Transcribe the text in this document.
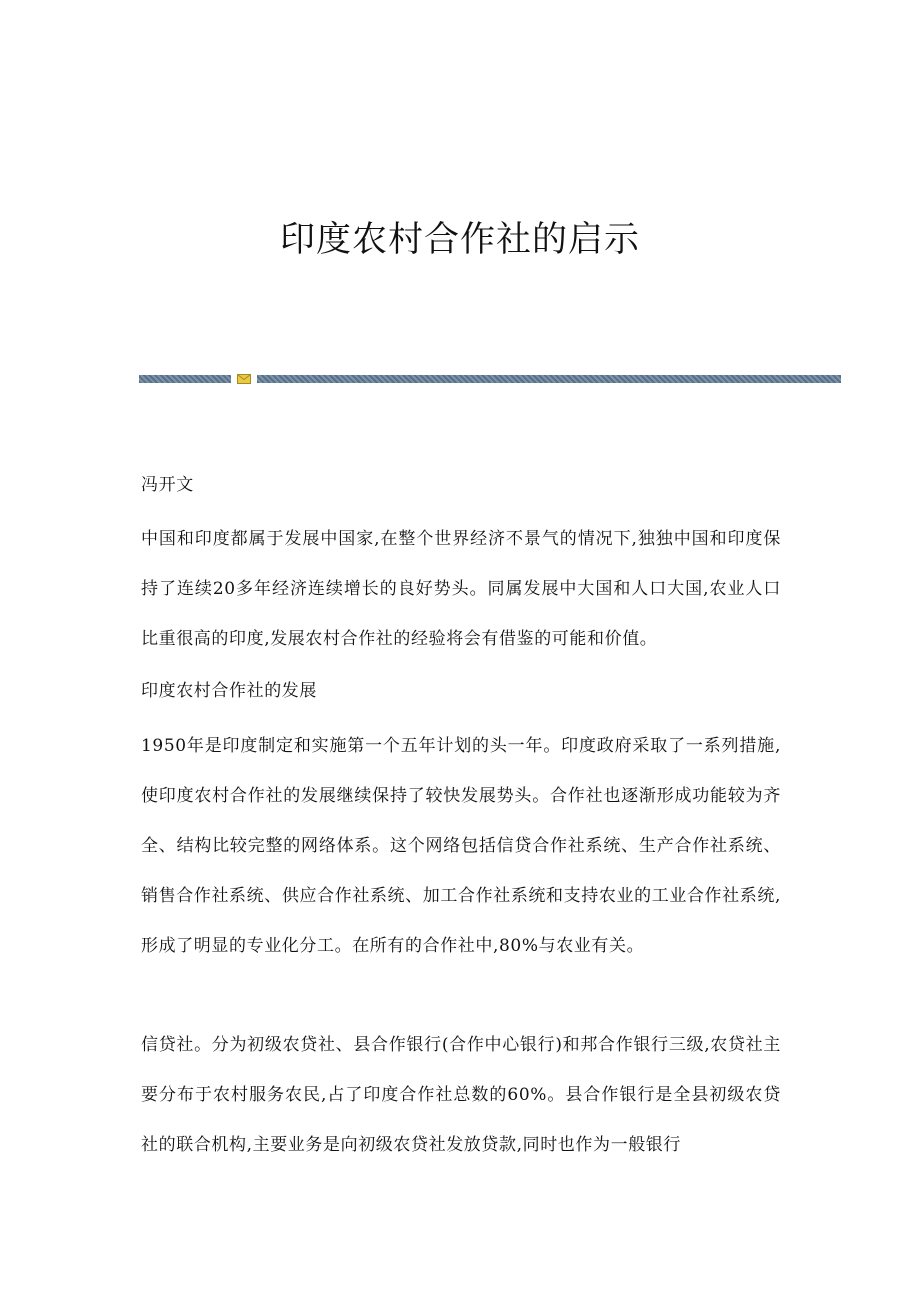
印度农村合作社的启示

冯开文

中国和印度都属于发展中国家,在整个世界经济不景气的情况下,独独中国和印度保持了连续20多年经济连续增长的良好势头。同属发展中大国和人口大国,农业人口比重很高的印度,发展农村合作社的经验将会有借鉴的可能和价值。

印度农村合作社的发展

1950年是印度制定和实施第一个五年计划的头一年。印度政府采取了一系列措施,使印度农村合作社的发展继续保持了较快发展势头。合作社也逐渐形成功能较为齐全、结构比较完整的网络体系。这个网络包括信贷合作社系统、生产合作社系统、销售合作社系统、供应合作社系统、加工合作社系统和支持农业的工业合作社系统,形成了明显的专业化分工。在所有的合作社中,80%与农业有关。

信贷社。分为初级农贷社、县合作银行(合作中心银行)和邦合作银行三级,农贷社主要分布于农村服务农民,占了印度合作社总数的60%。县合作银行是全县初级农贷社的联合机构,主要业务是向初级农贷社发放贷款,同时也作为一般银行
